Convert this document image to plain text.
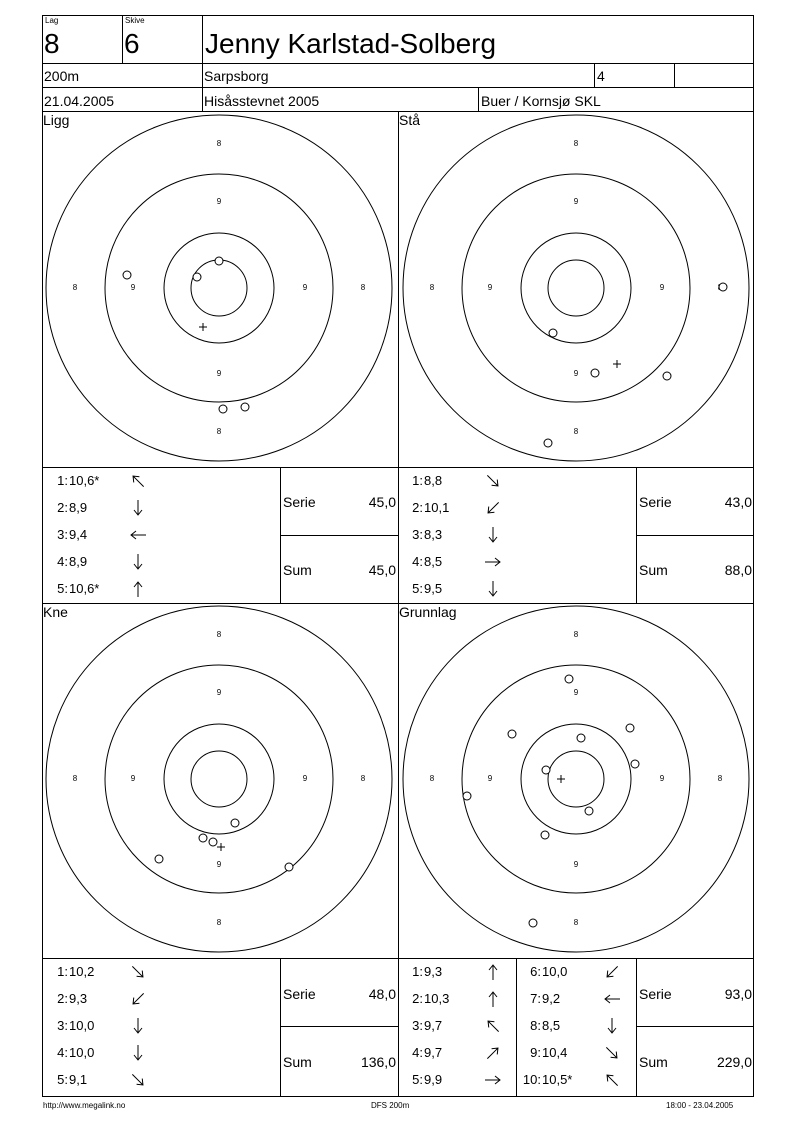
Lag
8
Skive
6 Jenny Karlstad-Solberg
200m	Sarpsborg	4
21.04.2005	Hisåsstevnet 2005	Buer / Kornsjø SKL
Ligg	Stå
Kne	Grunnlag
8
8
8	8
9
9
9	9
8
8
8
9
9
9	9
8
8
8	8
9
9
9	9
8
8
8	8
9
9
9	9
Serie	45,0
Sum	45,0
Serie	43,0
Sum	88,0
Serie	48,0
Sum	136,0
Serie	93,0
Sum	229,0
1: 10,6*
2: 8,9
3: 9,4
4: 8,9
5: 10,6*
1: 8,8
2: 10,1
3: 8,3
4: 8,5
5: 9,5
1: 10,2
2: 9,3
3: 10,0
4: 10,0
5: 9,1
1: 9,3
2: 10,3
3: 9,7
4: 9,7
5: 9,9
6: 10,0
7: 9,2
8: 8,5
9: 10,4
10: 10,5*
http://www.megalink.no	DFS 200m	18:00 - 23.04.2005
